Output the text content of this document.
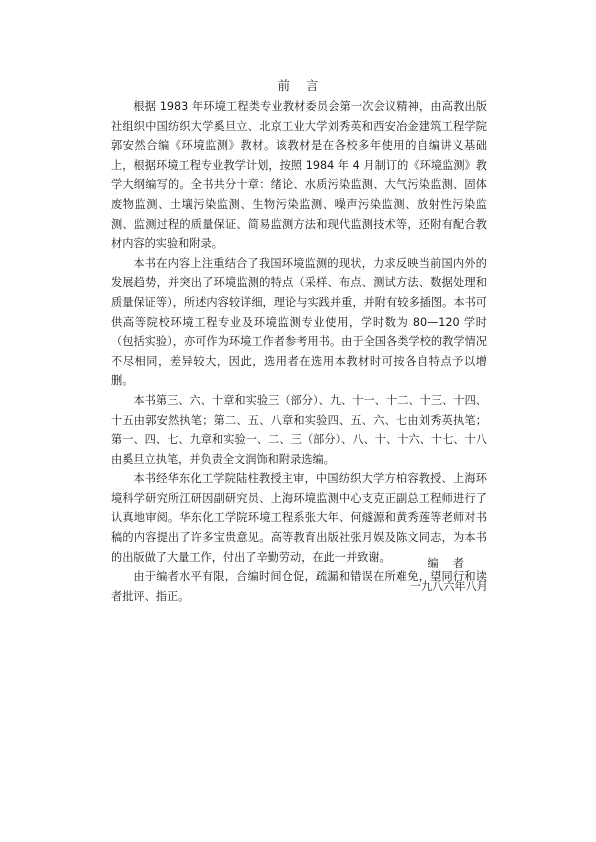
前    言

根据 1983 年环境工程类专业教材委员会第一次会议精神，由高教出版社组织中国纺织大学奚旦立、北京工业大学刘秀英和西安冶金建筑工程学院郭安然合编《环境监测》教材。该教材是在各校多年使用的自编讲义基础上，根据环境工程专业教学计划，按照 1984 年 4 月制订的《环境监测》教学大纲编写的。全书共分十章：绪论、水质污染监测、大气污染监测、固体废物监测、土壤污染监测、生物污染监测、噪声污染监测、放射性污染监测、监测过程的质量保证、简易监测方法和现代监测技术等，还附有配合教材内容的实验和附录。

本书在内容上注重结合了我国环境监测的现状，力求反映当前国内外的发展趋势，并突出了环境监测的特点（采样、布点、测试方法、数据处理和质量保证等），所述内容较详细，理论与实践并重，并附有较多插图。本书可供高等院校环境工程专业及环境监测专业使用，学时数为 80—120 学时（包括实验），亦可作为环境工作者参考用书。由于全国各类学校的教学情况不尽相同，差异较大，因此，选用者在选用本教材时可按各自特点予以增删。

本书第三、六、十章和实验三（部分）、九、十一、十二、十三、十四、十五由郭安然执笔；第二、五、八章和实验四、五、六、七由刘秀英执笔；第一、四、七、九章和实验一、二、三（部分）、八、十、十六、十七、十八由奚旦立执笔，并负责全文润饰和附录选编。

本书经华东化工学院陆柱教授主审，中国纺织大学方柏容教授、上海环境科学研究所江研因副研究员、上海环境监测中心支克正副总工程师进行了认真地审阅。华东化工学院环境工程系张大年、何燧源和黄秀莲等老师对书稿的内容提出了许多宝贵意见。高等教育出版社张月娱及陈文同志，为本书的出版做了大量工作，付出了辛勤劳动，在此一并致谢。

由于编者水平有限，合编时间仓促，疏漏和错误在所难免，望同行和读者批评、指正。

编    者

一九八六年八月
